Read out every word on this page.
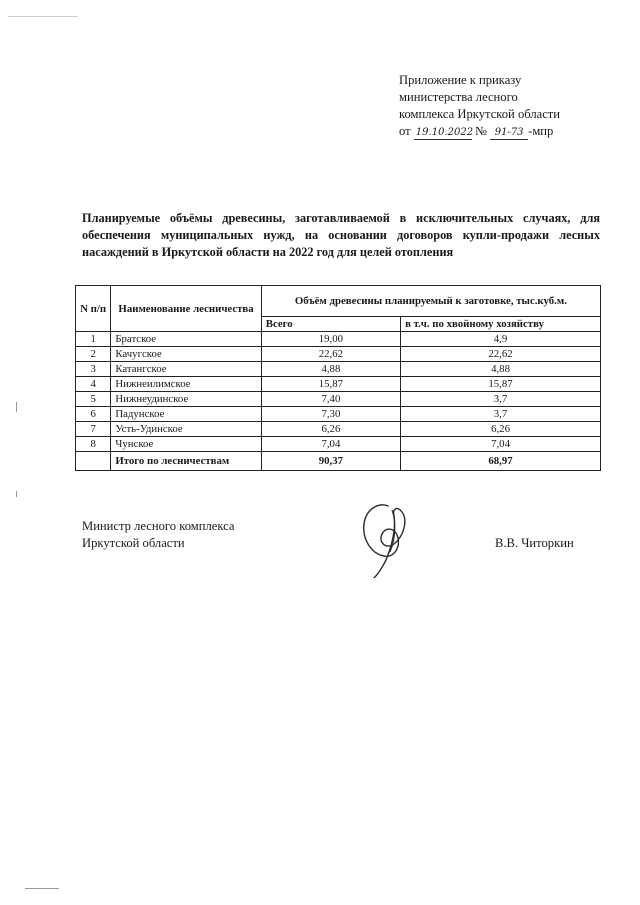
Приложение к приказу
министерства лесного
комплекса Иркутской области
от 19.10.2022 № 91-73 -мпр
Планируемые объёмы древесины, заготавливаемой в исключительных случаях, для обеспечения муниципальных нужд, на основании договоров купли-продажи лесных насаждений в Иркутской области на 2022 год для целей отопления
N п/п	Наименование лесничества	Объём древесины планируемый к заготовке, тыс.куб.м.	
		Всего	в т.ч. по хвойному хозяйству
1	Братское	19,00	4,9
2	Качугское	22,62	22,62
3	Катангское	4,88	4,88
4	Нижнеилимское	15,87	15,87
5	Нижнеудинское	7,40	3,7
6	Падунское	7,30	3,7
7	Усть-Удинское	6,26	6,26
8	Чунское	7,04	7,04
	Итого по лесничествам	90,37	68,97
Министр лесного комплекса
Иркутской области	В.В. Читоркин
